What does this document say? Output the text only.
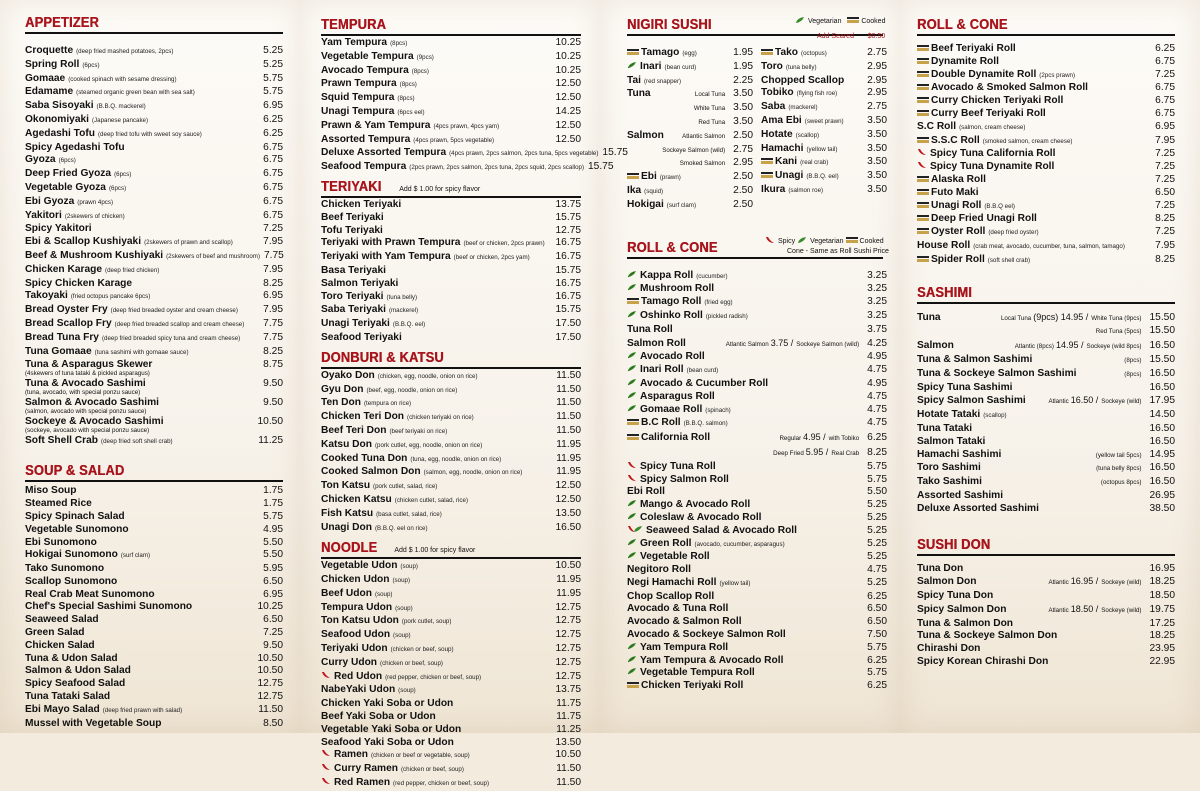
APPETIZER
Croquette (deep fried mashed potatoes, 2pcs)	5.25
Spring Roll (6pcs)	5.25
Gomaae (cooked spinach with sesame dressing)	5.75
Edamame (steamed organic green bean with sea salt)	5.75
Saba Sisoyaki (B.B.Q. mackerel)	6.95
Okonomiyaki (Japanese pancake)	6.25
Agedashi Tofu (deep fried tofu with sweet soy sauce)	6.25
Spicy Agedashi Tofu	6.75
Gyoza (6pcs)	6.75
Deep Fried Gyoza (6pcs)	6.75
Vegetable Gyoza (6pcs)	6.75
Ebi Gyoza (prawn 4pcs)	6.75
Yakitori (2skewers of chicken)	6.75
Spicy Yakitori	7.25
Ebi & Scallop Kushiyaki (2skewers of prawn and scallop)	7.95
Beef & Mushroom Kushiyaki (2skewers of beef and mushroom) 7.75
Chicken Karage (deep fried chicken)	7.95
Spicy Chicken Karage	8.25
Takoyaki (fried octopus pancake 6pcs)	6.95
Bread Oyster Fry (deep fried breaded oyster and cream cheese)	7.95
Bread Scallop Fry (deep fried breaded scallop and cream cheese)	7.75
Bread Tuna Fry (deep fried breaded spicy tuna and cream cheese)	7.75
Tuna Gomaae (tuna sashimi with gomaae sauce)	8.25
Tuna & Asparagus Skewer	8.75
(4skewers of tuna tataki & pickled asparagus)
Tuna & Avocado Sashimi	9.50
(tuna, avocado, with special ponzu sauce)
Salmon & Avocado Sashimi	9.50
(salmon, avocado with special ponzu sauce)
Sockeye & Avocado Sashimi	10.50
(sockeye, avocado with special ponzu sauce)
Soft Shell Crab (deep fried soft shell crab)	11.25
SOUP & SALAD
Miso Soup	1.75
Steamed Rice	1.75
Spicy Spinach Salad	5.75
Vegetable Sunomono	4.95
Ebi Sunomono	5.50
Hokigai Sunomono (surf clam)	5.50
Tako Sunomono	5.95
Scallop Sunomono	6.50
Real Crab Meat Sunomono	6.95
Chef's Special Sashimi Sunomono	10.25
Seaweed Salad	6.50
Green Salad	7.25
Chicken Salad	9.50
Tuna & Udon Salad	10.50
Salmon & Udon Salad	10.50
Spicy Seafood Salad	12.75
Tuna Tataki Salad	12.75
Ebi Mayo Salad (deep fried prawn with salad)	11.50
Mussel with Vegetable Soup	8.50
TEMPURA
Yam Tempura (8pcs)	10.25
Vegetable Tempura (9pcs)	10.25
Avocado Tempura (8pcs)	10.25
Prawn Tempura (8pcs)	12.50
Squid Tempura (8pcs)	12.50
Unagi Tempura (6pcs eel)	14.25
Prawn & Yam Tempura (4pcs prawn, 4pcs yam)	12.50
Assorted Tempura (4pcs prawn, 5pcs vegetable)	12.50
Deluxe Assorted Tempura (4pcs prawn, 2pcs salmon, 2pcs tuna, 5pcs vegetable) 15.75
Seafood Tempura (2pcs prawn, 2pcs salmon, 2pcs tuna, 2pcs squid, 2pcs scallop) 15.75
TERIYAKI	Add $ 1.00 for spicy flavor
Chicken Teriyaki	13.75
Beef Teriyaki	15.75
Tofu Teriyaki	12.75
Teriyaki with Prawn Tempura (beef or chicken, 2pcs prawn)	16.75
Teriyaki with Yam Tempura (beef or chicken, 2pcs yam)	16.75
Basa Teriyaki	15.75
Salmon Teriyaki	16.75
Toro Teriyaki (tuna belly)	16.75
Saba Teriyaki (mackerel)	15.75
Unagi Teriyaki (B.B.Q. eel)	17.50
Seafood Teriyaki	17.50
DONBURI & KATSU
Oyako Don (chicken, egg, noodle, onion on rice)	11.50
Gyu Don (beef, egg, noodle, onion on rice)	11.50
Ten Don (tempura on rice)	11.50
Chicken Teri Don (chicken teriyaki on rice)	11.50
Beef Teri Don (beef teriyaki on rice)	11.50
Katsu Don (pork cutlet, egg, noodle, onion on rice)	11.95
Cooked Tuna Don (tuna, egg, noodle, onion on rice)	11.95
Cooked Salmon Don (salmon, egg, noodle, onion on rice)	11.95
Ton Katsu (pork cutlet, salad, rice)	12.50
Chicken Katsu (chicken cutlet, salad, rice)	12.50
Fish Katsu (basa cutlet, salad, rice)	13.50
Unagi Don (B.B.Q. eel on rice)	16.50
NOODLE Add $ 1.00 for spicy flavor
Vegetable Udon (soup)	10.50
Chicken Udon (soup)	11.95
Beef Udon (soup)	11.95
Tempura Udon (soup)	12.75
Ton Katsu Udon (pork cutlet, soup)	12.75
Seafood Udon (soup)	12.75
Teriyaki Udon (chicken or beef, soup)	12.75
Curry Udon (chicken or beef, soup)	12.75
Red Udon (red pepper, chicken or beef, soup)	12.75
NabeYaki Udon (soup)	13.75
Chicken Yaki Soba or Udon	11.75
Beef Yaki Soba or Udon	11.75
Vegetable Yaki Soba or Udon	11.25
Seafood Yaki Soba or Udon	13.50
Ramen (chicken or beef or vegetable, soup)	10.50
Curry Ramen (chicken or beef, soup)	11.50
Red Ramen (red pepper, chicken or beef, soup)	11.50
NIGIRI SUSHI	Vegetarian	Cooked
Add Seared $0.50
Tamago (egg)	1.95
Inari (bean curd)	1.95
Tai (red snapper)	2.25
Tuna	Local Tuna 3.50
White Tuna 3.50
Red Tuna 3.50
Salmon	Atlantic Salmon 2.50
Sockeye Salmon (wild) 2.75
Smoked Salmon 2.95
Ebi (prawn)	2.50
Ika (squid)	2.50
Hokigai (surf clam)	2.50
Tako (octopus)	2.75
Toro (tuna belly)	2.95
Chopped Scallop	2.95
Tobiko (flying fish roe)	2.95
Saba (mackerel)	2.75
Ama Ebi (sweet prawn)	3.50
Hotate (scallop)	3.50
Hamachi (yellow tail)	3.50
Kani (real crab)	3.50
Unagi (B.B.Q. eel)	3.50
Ikura (salmon roe)	3.50
ROLL & CONE	Spicy Vegetarian Cooked
Cone - Same as Roll Sushi Price
Kappa Roll (cucumber)	3.25
Mushroom Roll	3.25
Tamago Roll (fried egg)	3.25
Oshinko Roll (pickled radish)	3.25
Tuna Roll	3.75
Salmon Roll	Atlantic Salmon 3.75 / Sockeye Salmon (wild) 4.25
Avocado Roll	4.95
Inari Roll (bean curd)	4.75
Avocado & Cucumber Roll	4.95
Asparagus Roll	4.75
Gomaae Roll (spinach)	4.75
B.C Roll (B.B.Q. salmon)	4.75
California Roll	Regular 4.95 / with Tobiko 6.25
Deep Fried 5.95 / Real Crab 8.25
Spicy Tuna Roll	5.75
Spicy Salmon Roll	5.75
Ebi Roll	5.50
Mango & Avocado Roll	5.25
Coleslaw & Avocado Roll	5.25
Seaweed Salad & Avocado Roll	5.25
Green Roll (avocado, cucumber, asparagus)	5.25
Vegetable Roll	5.25
Negitoro Roll	4.75
Negi Hamachi Roll (yellow tail)	5.25
Chop Scallop Roll	6.25
Avocado & Tuna Roll	6.50
Avocado & Salmon Roll	6.50
Avocado & Sockeye Salmon Roll	7.50
Yam Tempura Roll	5.75
Yam Tempura & Avocado Roll	6.25
Vegetable Tempura Roll	5.75
Chicken Teriyaki Roll	6.25
ROLL & CONE
Beef Teriyaki Roll	6.25
Dynamite Roll	6.75
Double Dynamite Roll (2pcs prawn)	7.25
Avocado & Smoked Salmon Roll	6.75
Curry Chicken Teriyaki Roll	6.75
Curry Beef Teriyaki Roll	6.75
S.C Roll (salmon, cream cheese)	6.95
S.S.C Roll (smoked salmon, cream cheese)	7.95
Spicy Tuna California Roll	7.25
Spicy Tuna Dynamite Roll	7.25
Alaska Roll	7.25
Futo Maki	6.50
Unagi Roll (B.B.Q eel)	7.25
Deep Fried Unagi Roll	8.25
Oyster Roll (deep fried oyster)	7.25
House Roll (crab meat, avocado, cucumber, tuna, salmon, tamago)	7.95
Spider Roll (soft shell crab)	8.25
SASHIMI
Tuna	Local Tuna (9pcs) 14.95 / White Tuna (9pcs) 15.50
Red Tuna (5pcs) 15.50
Salmon	Atlantic (8pcs) 14.95 / Sockeye (wild 8pcs) 16.50
Tuna & Salmon Sashimi	(8pcs) 15.50
Tuna & Sockeye Salmon Sashimi	(8pcs) 16.50
Spicy Tuna Sashimi	16.50
Spicy Salmon Sashimi	Atlantic 16.50 / Sockeye (wild) 17.95
Hotate Tataki (scallop)	14.50
Tuna Tataki	16.50
Salmon Tataki	16.50
Hamachi Sashimi	(yellow tail 5pcs) 14.95
Toro Sashimi	(tuna belly 8pcs) 16.50
Tako Sashimi	(octopus 8pcs) 16.50
Assorted Sashimi	26.95
Deluxe Assorted Sashimi	38.50
SUSHI DON
Tuna Don	16.95
Salmon Don	Atlantic 16.95 / Sockeye (wild) 18.25
Spicy Tuna Don	18.50
Spicy Salmon Don	Atlantic 18.50 / Sockeye (wild) 19.75
Tuna & Salmon Don	17.25
Tuna & Sockeye Salmon Don	18.25
Chirashi Don	23.95
Spicy Korean Chirashi Don	22.95
